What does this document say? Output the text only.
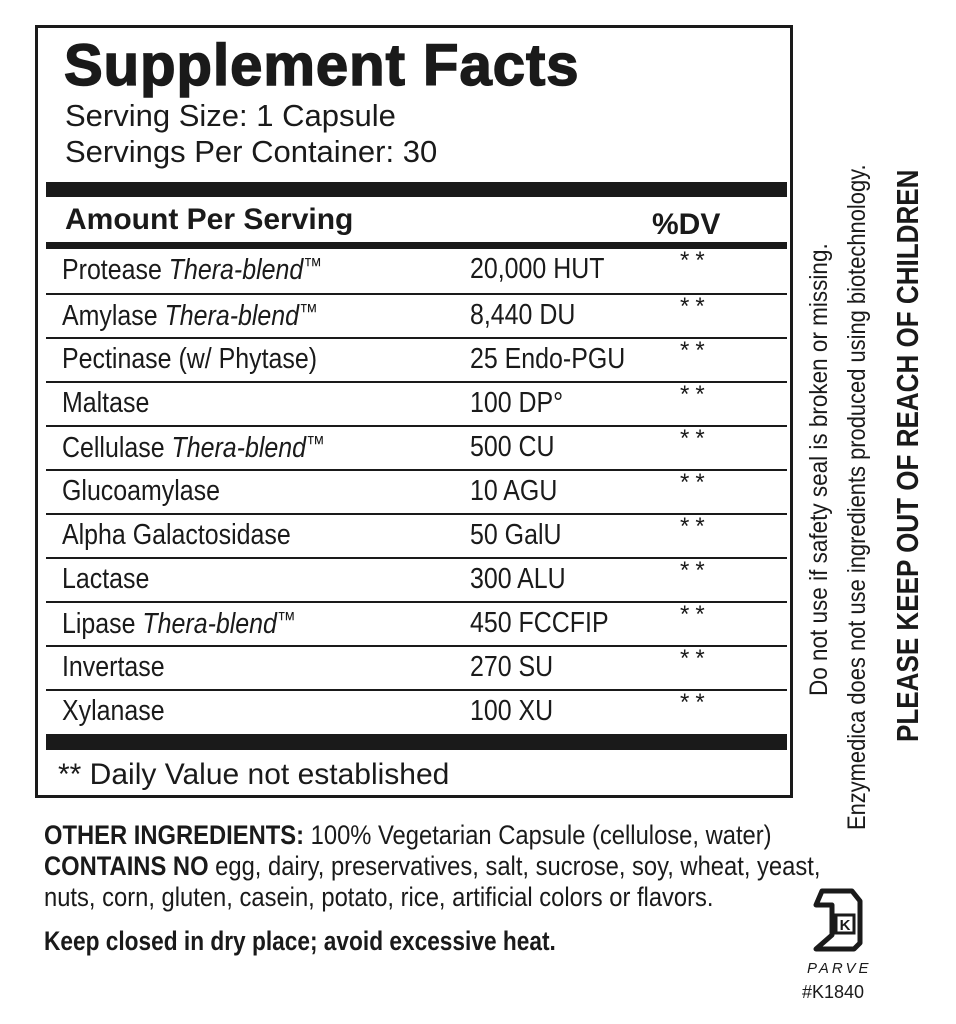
Supplement Facts
Serving Size: 1 Capsule
Servings Per Container: 30
Amount Per Serving	%DV
Protease Thera-blend™	20,000 HUT	**
Amylase Thera-blend™	8,440 DU	**
Pectinase (w/ Phytase)	25 Endo-PGU **
Maltase	100 DP°	**
Cellulase Thera-blend™	500 CU	**
Glucoamylase	10 AGU	**
Alpha Galactosidase	50 GalU	**
Lactase	300 ALU	**
Lipase Thera-blend™	450 FCCFIP	**
Invertase	270 SU	**
Xylanase	100 XU	**
** Daily Value not established
OTHER INGREDIENTS: 100% Vegetarian Capsule (cellulose, water)
CONTAINS NO egg, dairy, preservatives, salt, sucrose, soy, wheat, yeast,
nuts, corn, gluten, casein, potato, rice, artificial colors or flavors.
Keep closed in dry place; avoid excessive heat.
Do not use if safety seal is broken or missing. Enzymedica does not use ingredients produced using biotechnology. PLEASE KEEP OUT OF REACH OF CHILDREN
K
PARVE
#K1840
